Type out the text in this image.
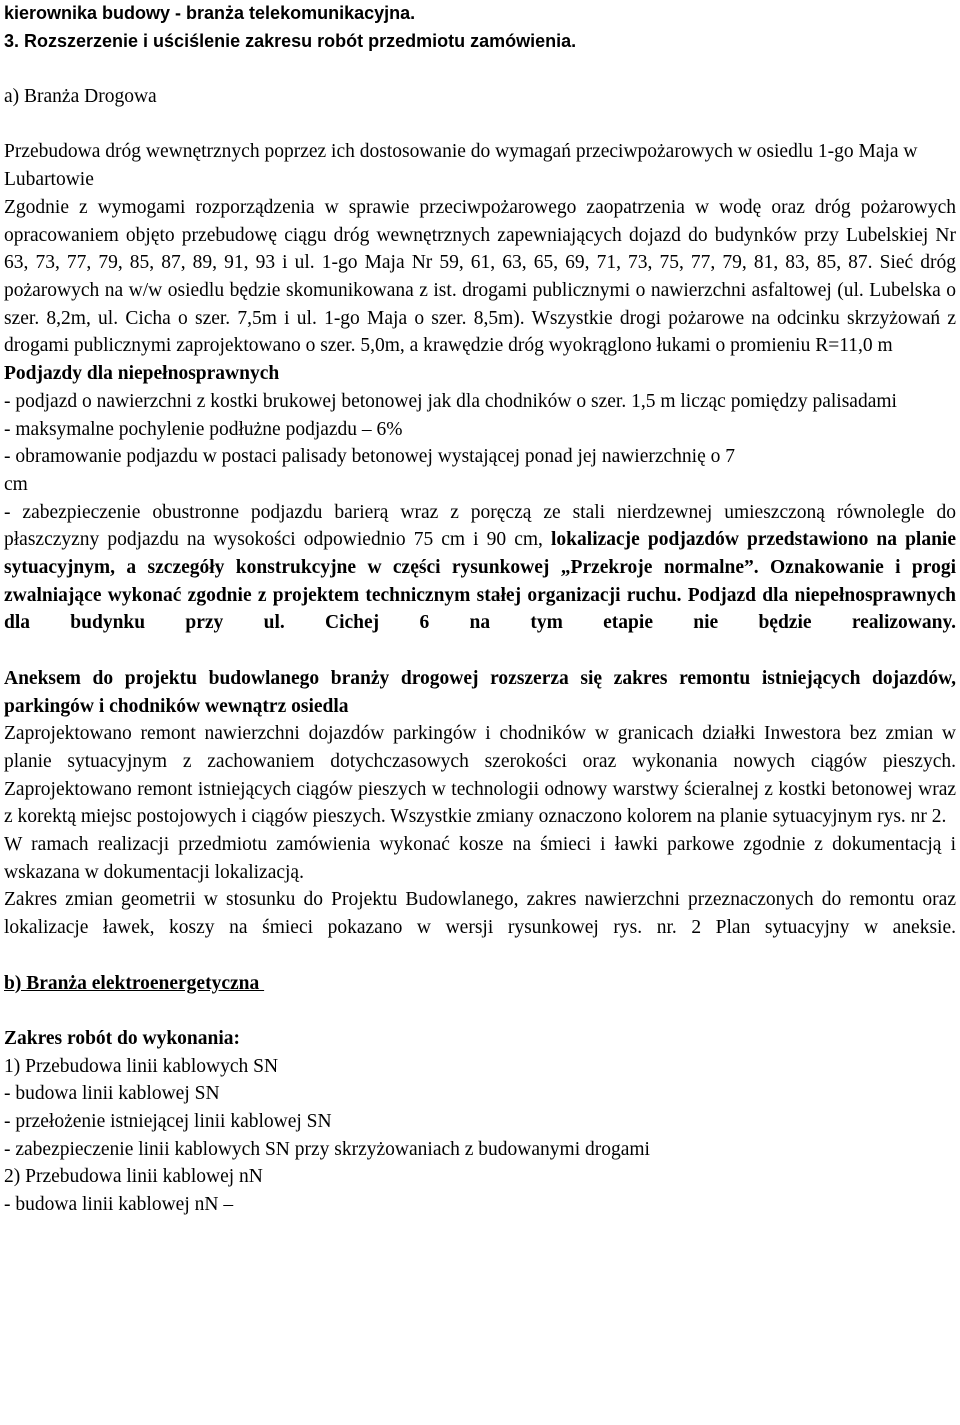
kierownika budowy - branża telekomunikacyjna.

3. Rozszerzenie i uściślenie zakresu robót przedmiotu zamówienia.

a) Branża Drogowa

Przebudowa dróg wewnętrznych poprzez ich dostosowanie do wymagań przeciwpożarowych w osiedlu 1-go Maja w Lubartowie

Zgodnie z wymogami rozporządzenia w sprawie przeciwpożarowego zaopatrzenia w wodę oraz dróg pożarowych opracowaniem objęto przebudowę ciągu dróg wewnętrznych zapewniających dojazd do budynków przy Lubelskiej Nr 63, 73, 77, 79, 85, 87, 89, 91, 93 i ul. 1-go Maja Nr 59, 61, 63, 65, 69, 71, 73, 75, 77, 79, 81, 83, 85, 87. Sieć dróg pożarowych na w/w osiedlu będzie skomunikowana z ist. drogami publicznymi o nawierzchni asfaltowej (ul. Lubelska o szer. 8,2m, ul. Cicha o szer. 7,5m i ul. 1-go Maja o szer. 8,5m). Wszystkie drogi pożarowe na odcinku skrzyżowań z drogami publicznymi zaprojektowano o szer. 5,0m, a krawędzie dróg wyokrąglono łukami o promieniu R=11,0 m

Podjazdy dla niepełnosprawnych

- podjazd o nawierzchni z kostki brukowej betonowej jak dla chodników o szer. 1,5 m licząc pomiędzy palisadami

- maksymalne pochylenie podłużne podjazdu – 6%

- obramowanie podjazdu w postaci palisady betonowej wystającej ponad jej nawierzchnię o 7 cm

- zabezpieczenie obustronne podjazdu barierą wraz z poręczą ze stali nierdzewnej umieszczoną równolegle do płaszczyzny podjazdu na wysokości odpowiednio 75 cm i 90 cm, lokalizacje podjazdów przedstawiono na planie sytuacyjnym, a szczegóły konstrukcyjne w części rysunkowej „Przekroje normalne”. Oznakowanie i progi zwalniające wykonać zgodnie z projektem technicznym stałej organizacji ruchu. Podjazd dla niepełnosprawnych dla budynku przy ul. Cichej 6 na tym etapie nie będzie realizowany.

Aneksem do projektu budowlanego branży drogowej rozszerza się zakres remontu istniejących dojazdów, parkingów i chodników wewnątrz osiedla

Zaprojektowano remont nawierzchni dojazdów parkingów i chodników w granicach działki Inwestora bez zmian w planie sytuacyjnym z zachowaniem dotychczasowych szerokości oraz wykonania nowych ciągów pieszych. Zaprojektowano remont istniejących ciągów pieszych w technologii odnowy warstwy ścieralnej z kostki betonowej wraz z korektą miejsc postojowych i ciągów pieszych. Wszystkie zmiany oznaczono kolorem na planie sytuacyjnym rys. nr 2.

W ramach realizacji przedmiotu zamówienia wykonać kosze na śmieci i ławki parkowe zgodnie z dokumentacją i wskazana w dokumentacji lokalizacją.

Zakres zmian geometrii w stosunku do Projektu Budowlanego, zakres nawierzchni przeznaczonych do remontu oraz lokalizacje ławek, koszy na śmieci pokazano w wersji rysunkowej rys. nr. 2 Plan sytuacyjny w aneksie.

b) Branża elektroenergetyczna

Zakres robót do wykonania:

1) Przebudowa linii kablowych SN

- budowa linii kablowej SN

- przełożenie istniejącej linii kablowej SN

- zabezpieczenie linii kablowych SN przy skrzyżowaniach z budowanymi drogami

2) Przebudowa linii kablowej nN

- budowa linii kablowej nN –
